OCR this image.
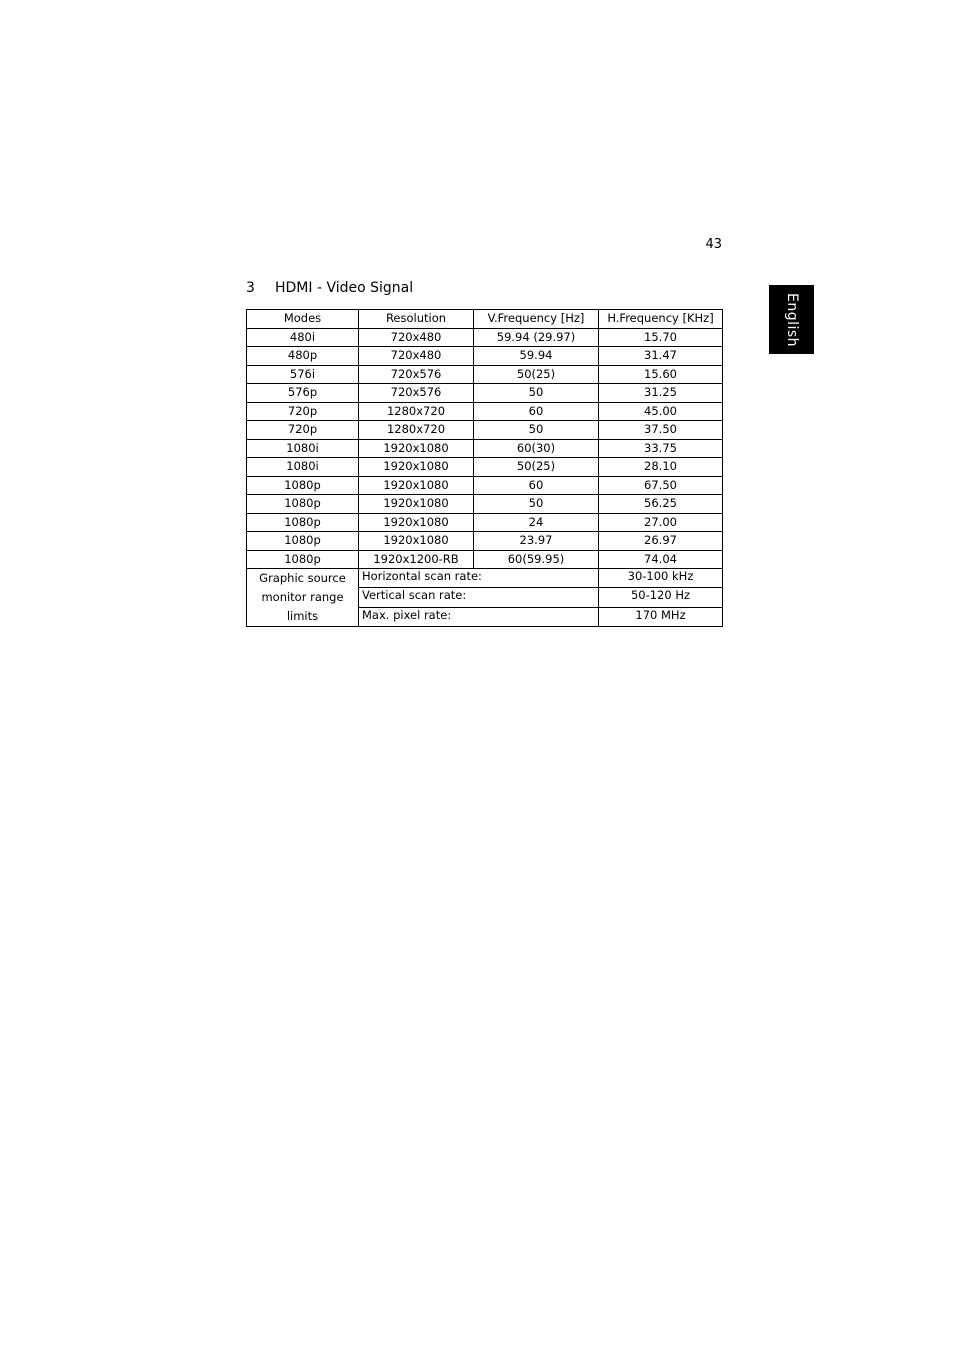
43
English
3 HDMI - Video Signal
Modes	Resolution	V.Frequency [Hz]	H.Frequency [KHz]
480i	720x480	59.94 (29.97)	15.70
480p	720x480	59.94	31.47
576i	720x576	50(25)	15.60
576p	720x576	50	31.25
720p	1280x720	60	45.00
720p	1280x720	50	37.50
1080i	1920x1080	60(30)	33.75
1080i	1920x1080	50(25)	28.10
1080p	1920x1080	60	67.50
1080p	1920x1080	50	56.25
1080p	1920x1080	24	27.00
1080p	1920x1080	23.97	26.97
1080p	1920x1200-RB	60(59.95)	74.04
Graphic source monitor range limits	Horizontal scan rate:		30-100 kHz
	Vertical scan rate:		50-120 Hz
	Max. pixel rate:		170 MHz
